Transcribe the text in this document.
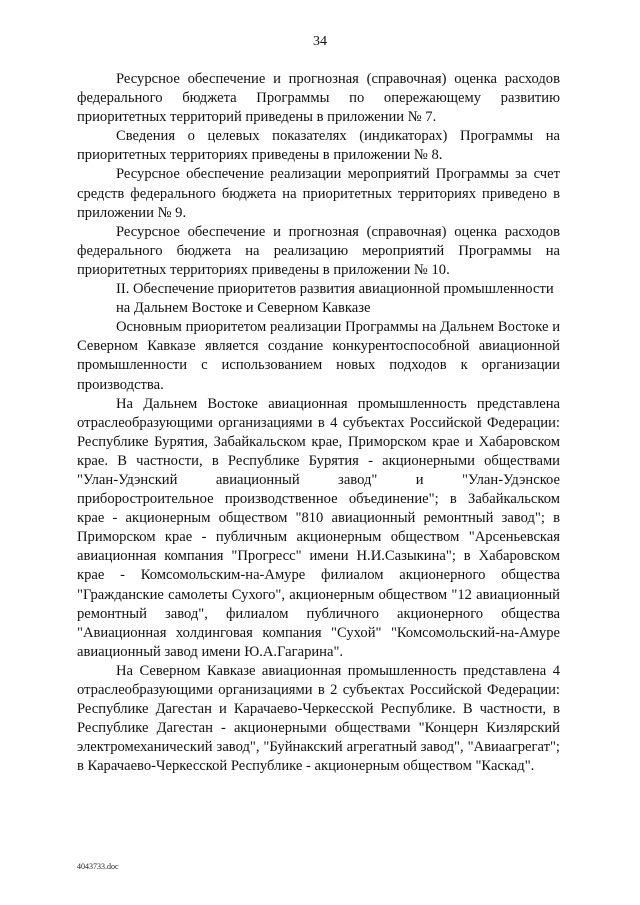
34

Ресурсное обеспечение и прогнозная (справочная) оценка расходов федерального бюджета Программы по опережающему развитию приоритетных территорий приведены в приложении № 7.

Сведения о целевых показателях (индикаторах) Программы на приоритетных территориях приведены в приложении № 8.

Ресурсное обеспечение реализации мероприятий Программы за счет средств федерального бюджета на приоритетных территориях приведено в приложении № 9.

Ресурсное обеспечение и прогнозная (справочная) оценка расходов федерального бюджета на реализацию мероприятий Программы на приоритетных территориях приведены в приложении № 10.

II. Обеспечение приоритетов развития авиационной промышленности
на Дальнем Востоке и Северном Кавказе

Основным приоритетом реализации Программы на Дальнем Востоке и Северном Кавказе является создание конкурентоспособной авиационной промышленности с использованием новых подходов к организации производства.

На Дальнем Востоке авиационная промышленность представлена отраслеобразующими организациями в 4 субъектах Российской Федерации: Республике Бурятия, Забайкальском крае, Приморском крае и Хабаровском крае. В частности, в Республике Бурятия - акционерными обществами "Улан-Удэнский авиационный завод" и "Улан-Удэнское приборостроительное производственное объединение"; в Забайкальском крае - акционерным обществом "810 авиационный ремонтный завод"; в Приморском крае - публичным акционерным обществом "Арсеньевская авиационная компания "Прогресс" имени Н.И.Сазыкина"; в Хабаровском крае - Комсомольским-на-Амуре филиалом акционерного общества "Гражданские самолеты Сухого", акционерным обществом "12 авиационный ремонтный завод", филиалом публичного акционерного общества "Авиационная холдинговая компания "Сухой" "Комсомольский-на-Амуре авиационный завод имени Ю.А.Гагарина".

На Северном Кавказе авиационная промышленность представлена 4 отраслеобразующими организациями в 2 субъектах Российской Федерации: Республике Дагестан и Карачаево-Черкесской Республике. В частности, в Республике Дагестан - акционерными обществами "Концерн Кизлярский электромеханический завод", "Буйнакский агрегатный завод", "Авиаагрегат"; в Карачаево-Черкесской Республике - акционерным обществом "Каскад".

4043733.doc
